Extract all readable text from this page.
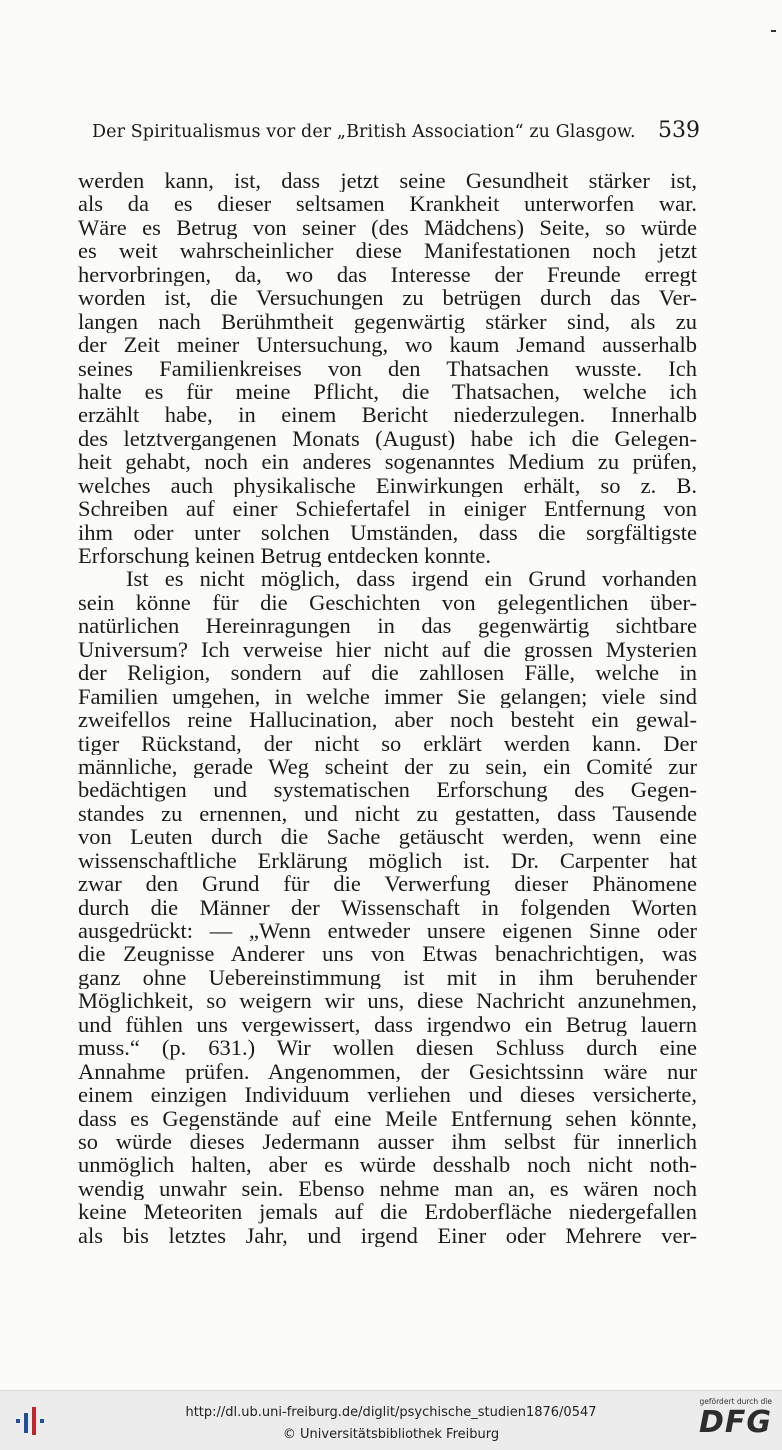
Der Spiritualismus vor der „British Association“ zu Glasgow. 539
werden kann, ist, dass jetzt seine Gesundheit stärker ist,
als da es dieser seltsamen Krankheit unterworfen war.
Wäre es Betrug von seiner (des Mädchens) Seite, so würde
es weit wahrscheinlicher diese Manifestationen noch jetzt
hervorbringen, da, wo das Interesse der Freunde erregt
worden ist, die Versuchungen zu betrügen durch das Ver-
langen nach Berühmtheit gegenwärtig stärker sind, als zu
der Zeit meiner Untersuchung, wo kaum Jemand ausserhalb
seines Familienkreises von den Thatsachen wusste. Ich
halte es für meine Pflicht, die Thatsachen, welche ich
erzählt habe, in einem Bericht niederzulegen. Innerhalb
des letztvergangenen Monats (August) habe ich die Gelegen-
heit gehabt, noch ein anderes sogenanntes Medium zu prüfen,
welches auch physikalische Einwirkungen erhält, so z. B.
Schreiben auf einer Schiefertafel in einiger Entfernung von
ihm oder unter solchen Umständen, dass die sorgfältigste
Erforschung keinen Betrug entdecken konnte.
Ist es nicht möglich, dass irgend ein Grund vorhanden
sein könne für die Geschichten von gelegentlichen über-
natürlichen Hereinragungen in das gegenwärtig sichtbare
Universum? Ich verweise hier nicht auf die grossen Mysterien
der Religion, sondern auf die zahllosen Fälle, welche in
Familien umgehen, in welche immer Sie gelangen; viele sind
zweifellos reine Hallucination, aber noch besteht ein gewal-
tiger Rückstand, der nicht so erklärt werden kann. Der
männliche, gerade Weg scheint der zu sein, ein Comité zur
bedächtigen und systematischen Erforschung des Gegen-
standes zu ernennen, und nicht zu gestatten, dass Tausende
von Leuten durch die Sache getäuscht werden, wenn eine
wissenschaftliche Erklärung möglich ist. Dr. Carpenter hat
zwar den Grund für die Verwerfung dieser Phänomene
durch die Männer der Wissenschaft in folgenden Worten
ausgedrückt: — „Wenn entweder unsere eigenen Sinne oder
die Zeugnisse Anderer uns von Etwas benachrichtigen, was
ganz ohne Uebereinstimmung ist mit in ihm beruhender
Möglichkeit, so weigern wir uns, diese Nachricht anzunehmen,
und fühlen uns vergewissert, dass irgendwo ein Betrug lauern
muss.“ (p. 631.) Wir wollen diesen Schluss durch eine
Annahme prüfen. Angenommen, der Gesichtssinn wäre nur
einem einzigen Individuum verliehen und dieses versicherte,
dass es Gegenstände auf eine Meile Entfernung sehen könnte,
so würde dieses Jedermann ausser ihm selbst für innerlich
unmöglich halten, aber es würde desshalb noch nicht noth-
wendig unwahr sein. Ebenso nehme man an, es wären noch
keine Meteoriten jemals auf die Erdoberfläche niedergefallen
als bis letztes Jahr, und irgend Einer oder Mehrere ver-
http://dl.ub.uni-freiburg.de/diglit/psychische_studien1876/0547
© Universitätsbibliothek Freiburg
gefördert durch die
DFG
